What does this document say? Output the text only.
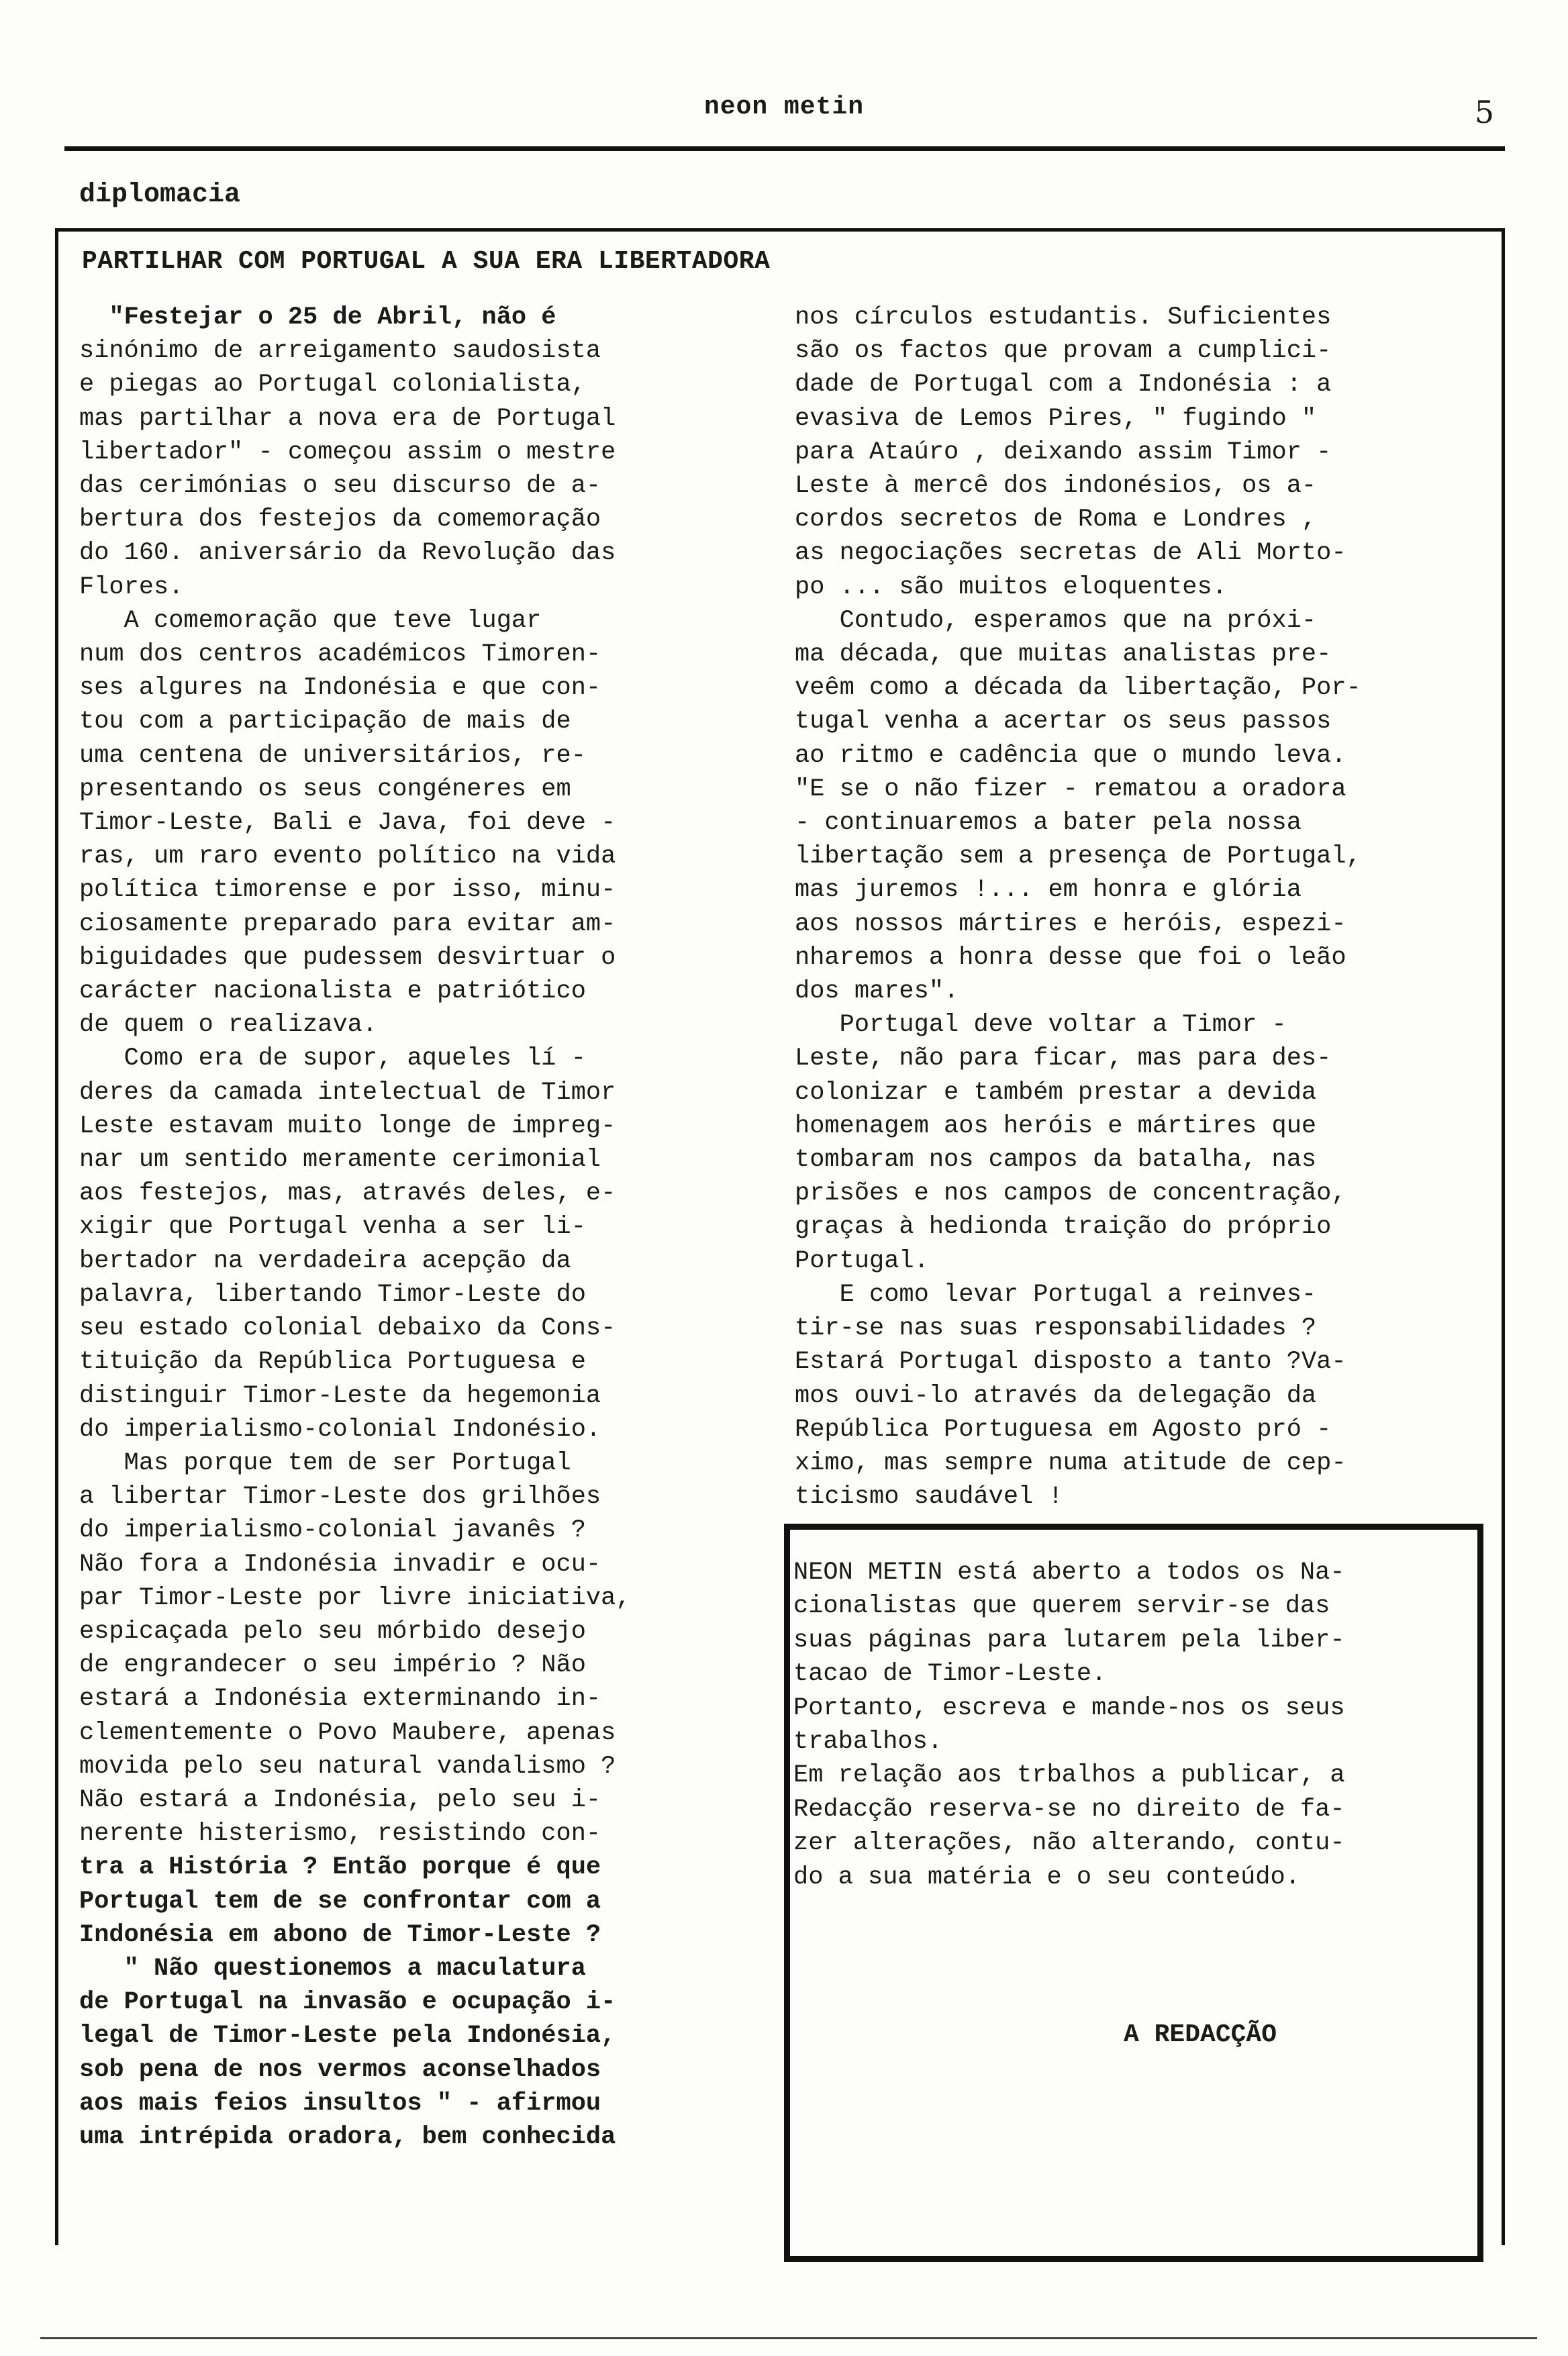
neon metin	5
diplomacia
PARTILHAR COM PORTUGAL A SUA ERA LIBERTADORA
"Festejar o 25 de Abril, não é
sinónimo de arreigamento saudosista
e piegas ao Portugal colonialista,
mas partilhar a nova era de Portugal
libertador" - começou assim o mestre
das cerimónias o seu discurso de a-
bertura dos festejos da comemoração
do 160. aniversário da Revolução das
Flores.
A comemoração que teve lugar
num dos centros académicos Timoren-
ses algures na Indonésia e que con-
tou com a participação de mais de
uma centena de universitários, re-
presentando os seus congéneres em
Timor-Leste, Bali e Java, foi deve -
ras, um raro evento político na vida
política timorense e por isso, minu-
ciosamente preparado para evitar am-
biguidades que pudessem desvirtuar o
carácter nacionalista e patriótico
de quem o realizava.
Como era de supor, aqueles lí -
deres da camada intelectual de Timor
Leste estavam muito longe de impreg-
nar um sentido meramente cerimonial
aos festejos, mas, através deles, e-
xigir que Portugal venha a ser li-
bertador na verdadeira acepção da
palavra, libertando Timor-Leste do
seu estado colonial debaixo da Cons-
tituição da República Portuguesa e
distinguir Timor-Leste da hegemonia
do imperialismo-colonial Indonésio.
Mas porque tem de ser Portugal
a libertar Timor-Leste dos grilhões
do imperialismo-colonial javanês ?
Não fora a Indonésia invadir e ocu-
par Timor-Leste por livre iniciativa,
espicaçada pelo seu mórbido desejo
de engrandecer o seu império ? Não
estará a Indonésia exterminando in-
clementemente o Povo Maubere, apenas
movida pelo seu natural vandalismo ?
Não estará a Indonésia, pelo seu i-
nerente histerismo, resistindo con-
tra a História ? Então porque é que
Portugal tem de se confrontar com a
Indonésia em abono de Timor-Leste ?
" Não questionemos a maculatura
de Portugal na invasão e ocupação i-
legal de Timor-Leste pela Indonésia,
sob pena de nos vermos aconselhados
aos mais feios insultos " - afirmou
uma intrépida oradora, bem conhecida
nos círculos estudantis. Suficientes
são os factos que provam a cumplici-
dade de Portugal com a Indonésia : a
evasiva de Lemos Pires, " fugindo "
para Ataúro , deixando assim Timor -
Leste à mercê dos indonésios, os a-
cordos secretos de Roma e Londres ,
as negociações secretas de Ali Morto-
po ... são muitos eloquentes.
Contudo, esperamos que na próxi-
ma década, que muitas analistas pre-
veêm como a década da libertação, Por-
tugal venha a acertar os seus passos
ao ritmo e cadência que o mundo leva.
"E se o não fizer - rematou a oradora
- continuaremos a bater pela nossa
libertação sem a presença de Portugal,
mas juremos !... em honra e glória
aos nossos mártires e heróis, espezi-
nharemos a honra desse que foi o leão
dos mares".
Portugal deve voltar a Timor -
Leste, não para ficar, mas para des-
colonizar e também prestar a devida
homenagem aos heróis e mártires que
tombaram nos campos da batalha, nas
prisões e nos campos de concentração,
graças à hedionda traição do próprio
Portugal.
E como levar Portugal a reinves-
tir-se nas suas responsabilidades ?
Estará Portugal disposto a tanto ?Va-
mos ouvi-lo através da delegação da
República Portuguesa em Agosto pró -
ximo, mas sempre numa atitude de cep-
ticismo saudável !
NEON METIN está aberto a todos os Na-
cionalistas que querem servir-se das
suas páginas para lutarem pela liber-
tacao de Timor-Leste.
Portanto, escreva e mande-nos os seus
trabalhos.
Em relação aos trbalhos a publicar, a
Redacção reserva-se no direito de fa-
zer alterações, não alterando, contu-
do a sua matéria e o seu conteúdo.
A REDACÇÃO
